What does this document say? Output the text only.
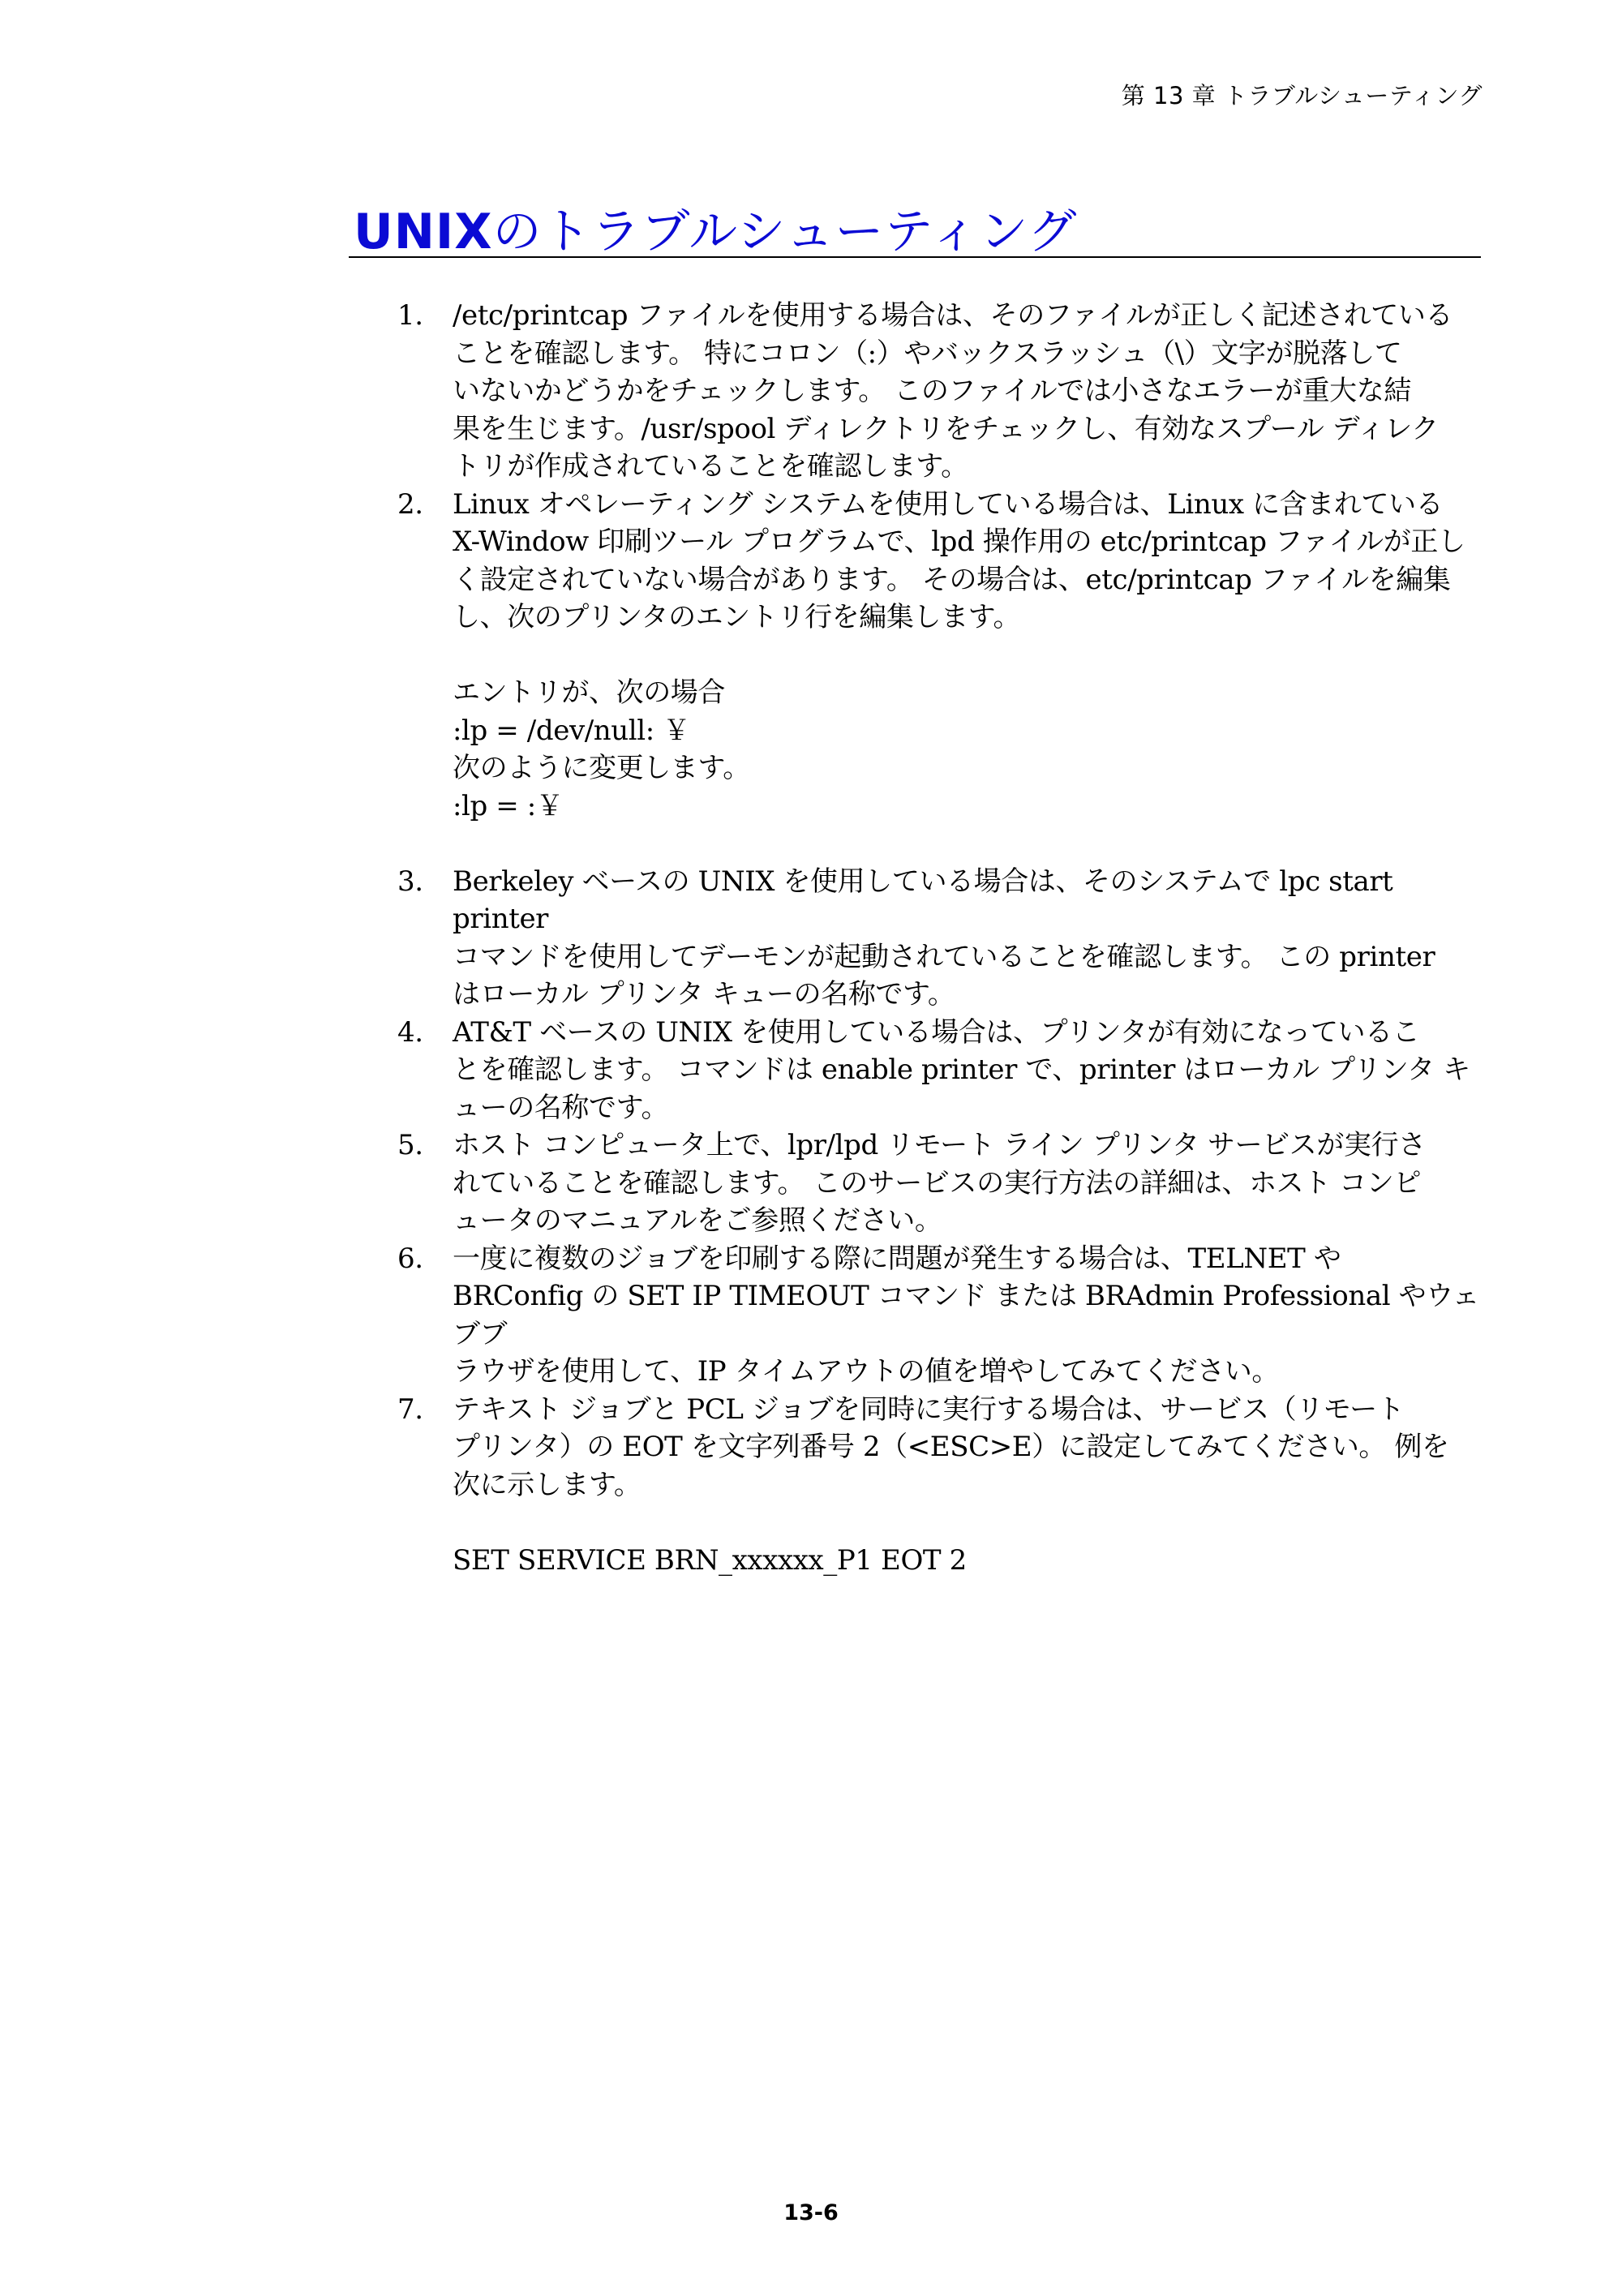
第 13 章 トラブルシューティング
UNIXのトラブルシューティング
1.	/etc/printcap ファイルを使用する場合は、そのファイルが正しく記述されている

ことを確認します。 特にコロン（:）やバックスラッシュ（\）文字が脱落して

いないかどうかをチェックします。 このファイルでは小さなエラーが重大な結

果を生じます。/usr/spool ディレクトリをチェックし、有効なスプール ディレク

トリが作成されていることを確認します。

2.	Linux オペレーティング システムを使用している場合は、Linux に含まれている

X-Window 印刷ツール プログラムで、lpd 操作用の etc/printcap ファイルが正し

く設定されていない場合があります。 その場合は、etc/printcap ファイルを編集

し、次のプリンタのエントリ行を編集します。

エントリが、次の場合

:lp = /dev/null: ￥

次のように変更します。

:lp = :￥

3.	Berkeley ベースの UNIX を使用している場合は、そのシステムで lpc start printer

コマンドを使用してデーモンが起動されていることを確認します。 この printer

はローカル プリンタ キューの名称です。

4.	AT&T ベースの UNIX を使用している場合は、プリンタが有効になっているこ

とを確認します。 コマンドは enable printer で、printer はローカル プリンタ キ

ューの名称です。

5.	ホスト コンピュータ上で、lpr/lpd リモート ライン プリンタ サービスが実行さ

れていることを確認します。 このサービスの実行方法の詳細は、ホスト コンピ

ュータのマニュアルをご参照ください。

6.	一度に複数のジョブを印刷する際に問題が発生する場合は、TELNET や

BRConfig の SET IP TIMEOUT コマンド または BRAdmin Professional やウェブブ

ラウザを使用して、IP タイムアウトの値を増やしてみてください。

7.	テキスト ジョブと PCL ジョブを同時に実行する場合は、サービス（リモート

プリンタ）の EOT を文字列番号 2（<ESC>E）に設定してみてください。 例を

次に示します。

SET SERVICE BRN_xxxxxx_P1 EOT 2

13-6
